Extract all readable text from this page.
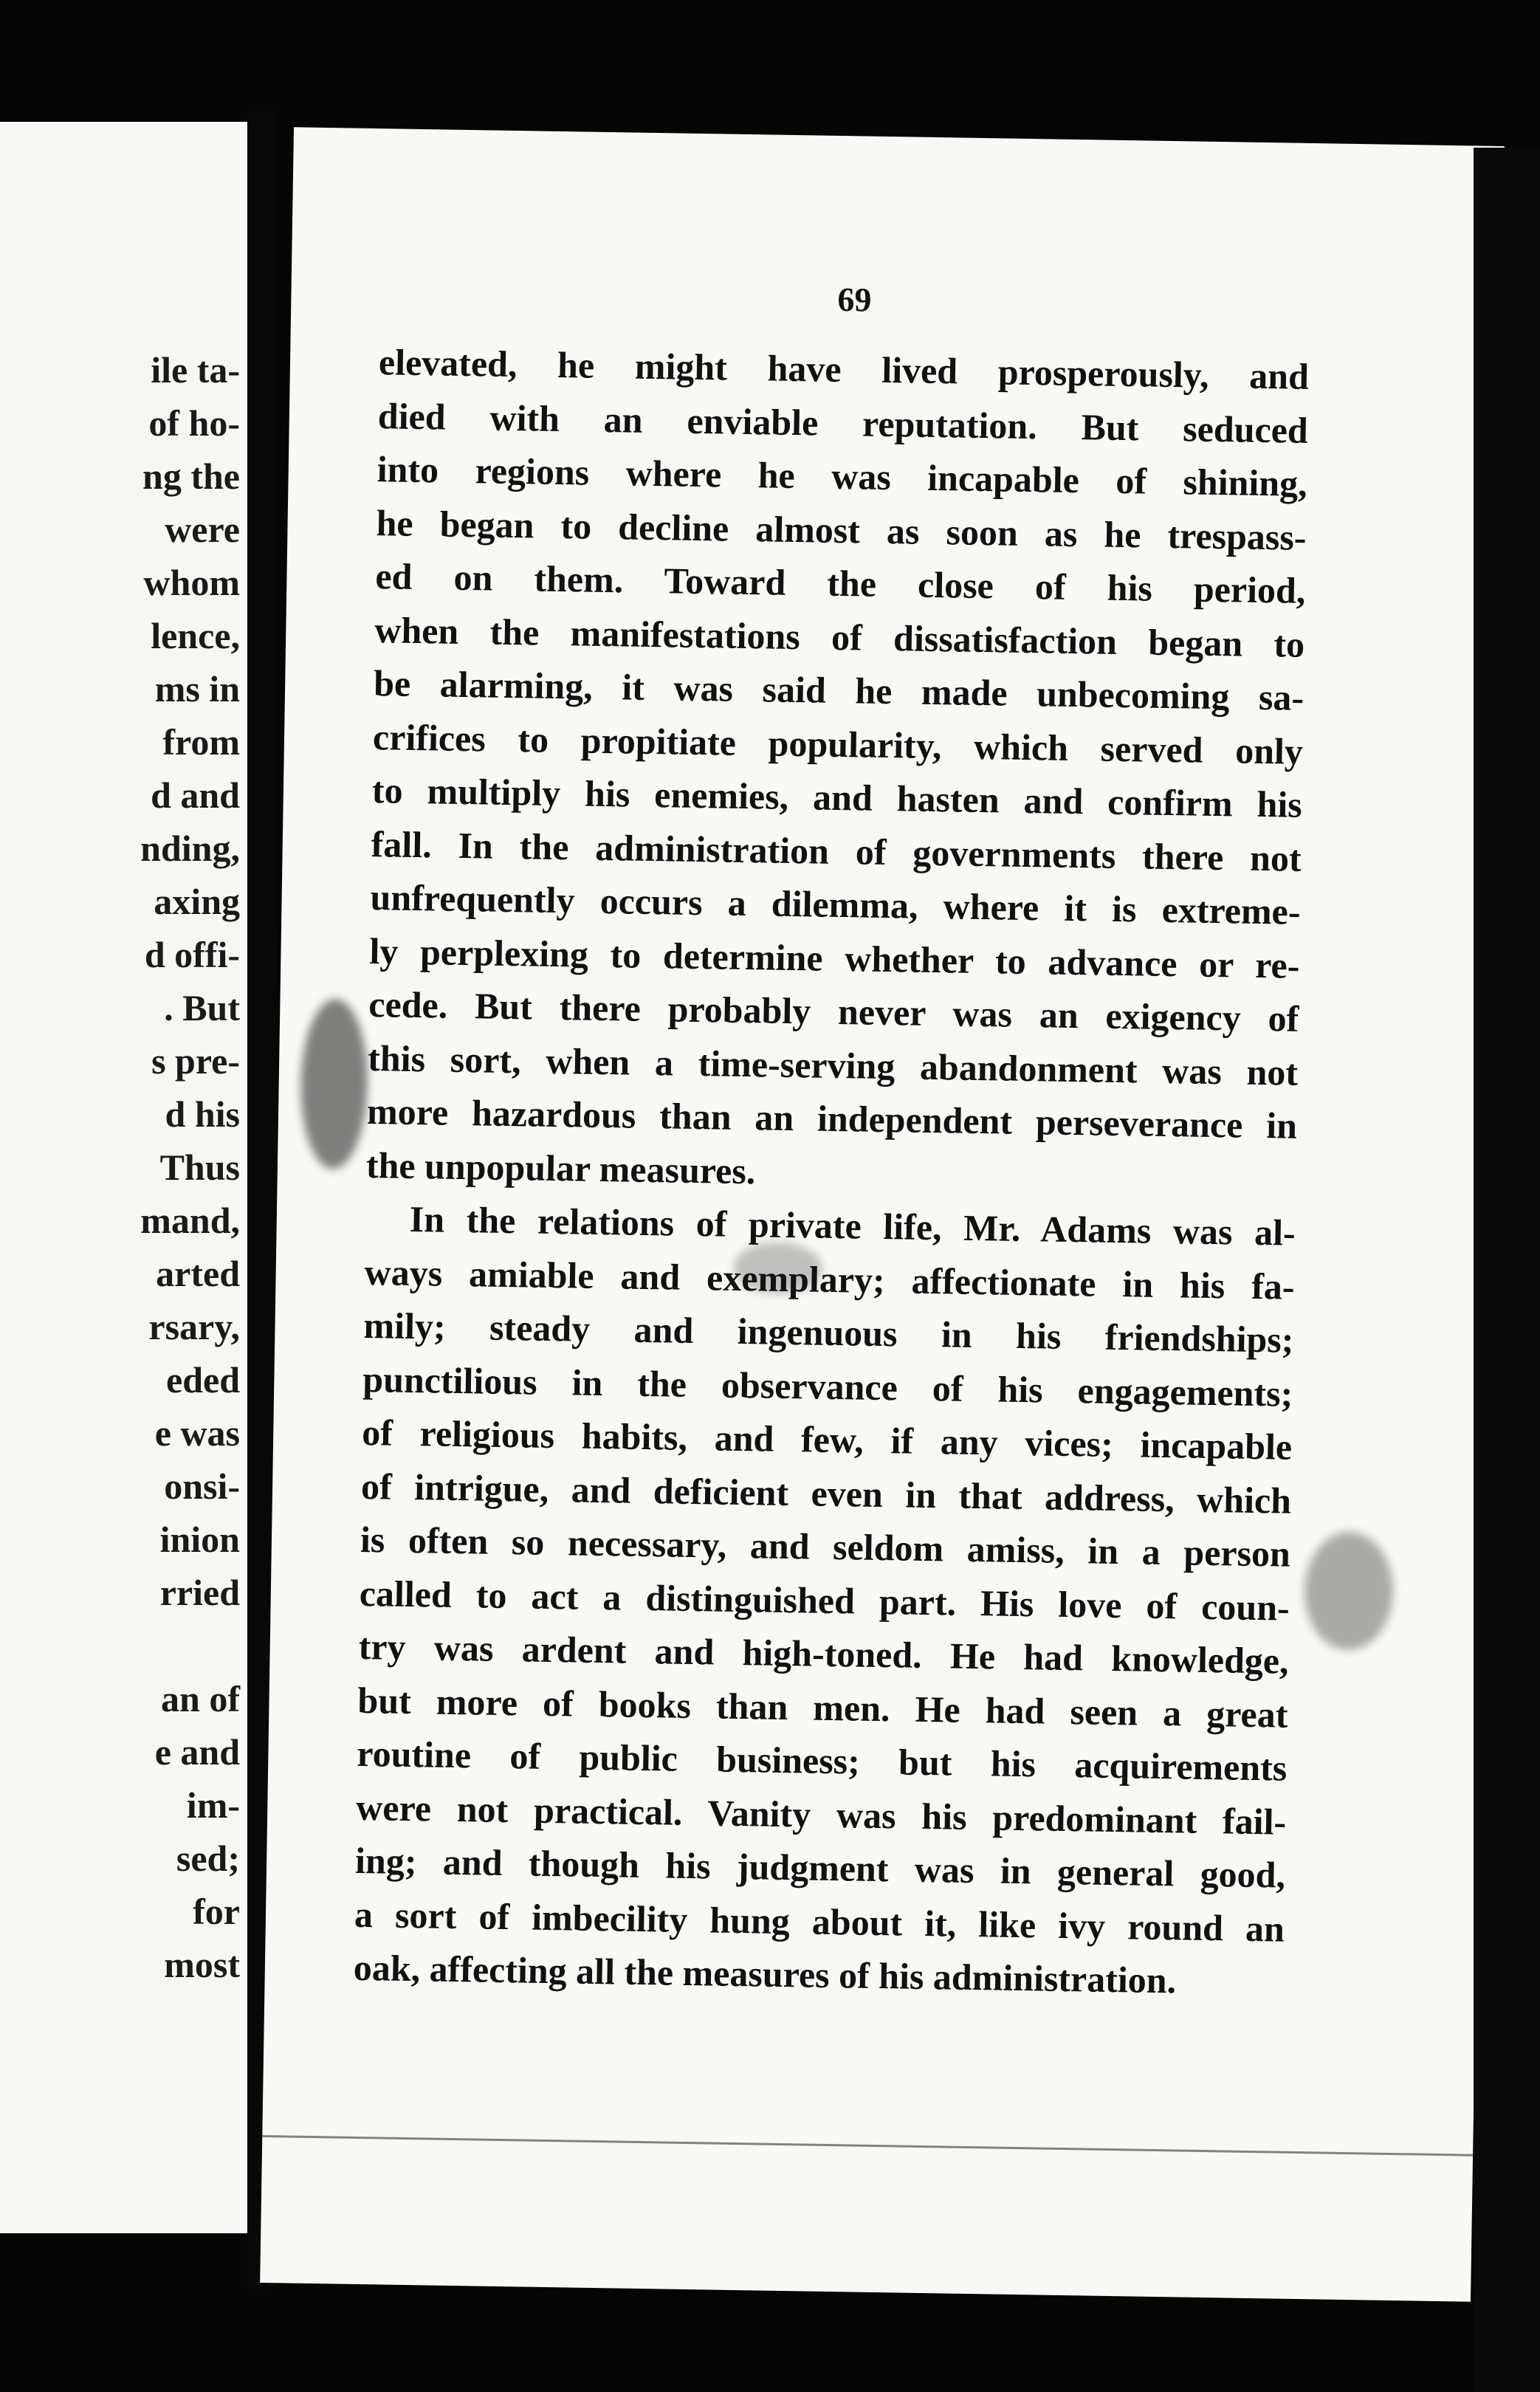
ile ta-
of ho-
ng the
were
whom
lence,
ms in
from
d and
nding,
axing
d offi-
. But
s pre-
d his
Thus
mand,
arted
rsary,
eded
e was
onsi-
inion
rried
an of
e and
im-
sed;
for
most
69
elevated, he might have lived prosperously, and
died with an enviable reputation. But seduced
into regions where he was incapable of shining,
he began to decline almost as soon as he trespass-
ed on them. Toward the close of his period,
when the manifestations of dissatisfaction began to
be alarming, it was said he made unbecoming sa-
crifices to propitiate popularity, which served only
to multiply his enemies, and hasten and confirm his
fall. In the administration of governments there not
unfrequently occurs a dilemma, where it is extreme-
ly perplexing to determine whether to advance or re-
cede. But there probably never was an exigency of
this sort, when a time-serving abandonment was not
more hazardous than an independent perseverance in
the unpopular measures.
In the relations of private life, Mr. Adams was al-
ways amiable and exemplary; affectionate in his fa-
mily; steady and ingenuous in his friendships;
punctilious in the observance of his engagements;
of religious habits, and few, if any vices; incapable
of intrigue, and deficient even in that address, which
is often so necessary, and seldom amiss, in a person
called to act a distinguished part. His love of coun-
try was ardent and high-toned. He had knowledge,
but more of books than men. He had seen a great
routine of public business; but his acquirements
were not practical. Vanity was his predominant fail-
ing; and though his judgment was in general good,
a sort of imbecility hung about it, like ivy round an
oak, affecting all the measures of his administration.
